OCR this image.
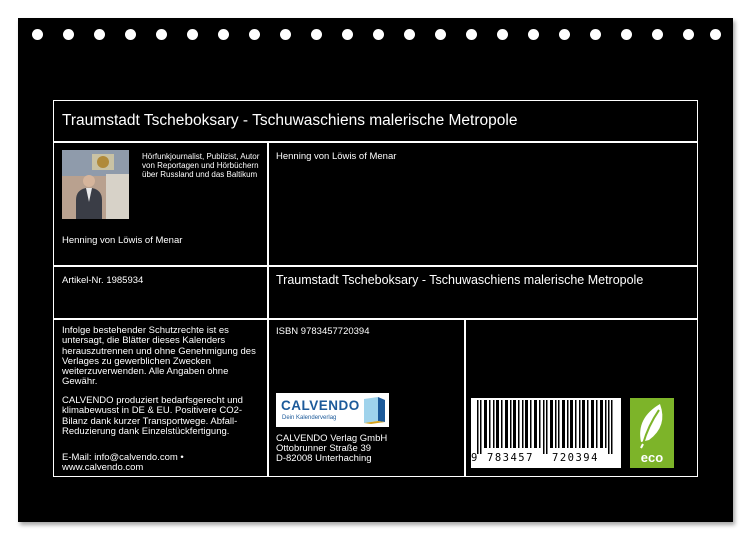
Traumstadt Tscheboksary - Tschuwaschiens malerische Metropole
Hörfunkjournalist, Publizist, Autor von Reportagen und Hörbüchern über Russland und das Baltikum
Henning von Löwis of Menar
Henning von Löwis of Menar
Artikel-Nr. 1985934	Traumstadt Tscheboksary - Tschuwaschiens malerische Metropole
Infolge bestehender Schutzrechte ist es untersagt, die Blätter dieses Kalenders herauszutrennen und ohne Genehmigung des Verlages zu gewerblichen Zwecken weiterzuverwenden. Alle Angaben ohne Gewähr.
CALVENDO produziert bedarfsgerecht und klimabewusst in DE & EU. Positivere CO2-Bilanz dank kurzer Transportwege. Abfall-Reduzierung dank Einzelstückfertigung.
E-Mail: info@calvendo.com • www.calvendo.com
ISBN 9783457720394
CALVENDO
Dein Kalenderverlag
CALVENDO Verlag GmbH
Ottobrunner Straße 39
D-82008 Unterhaching	9 783457 720394	eco
